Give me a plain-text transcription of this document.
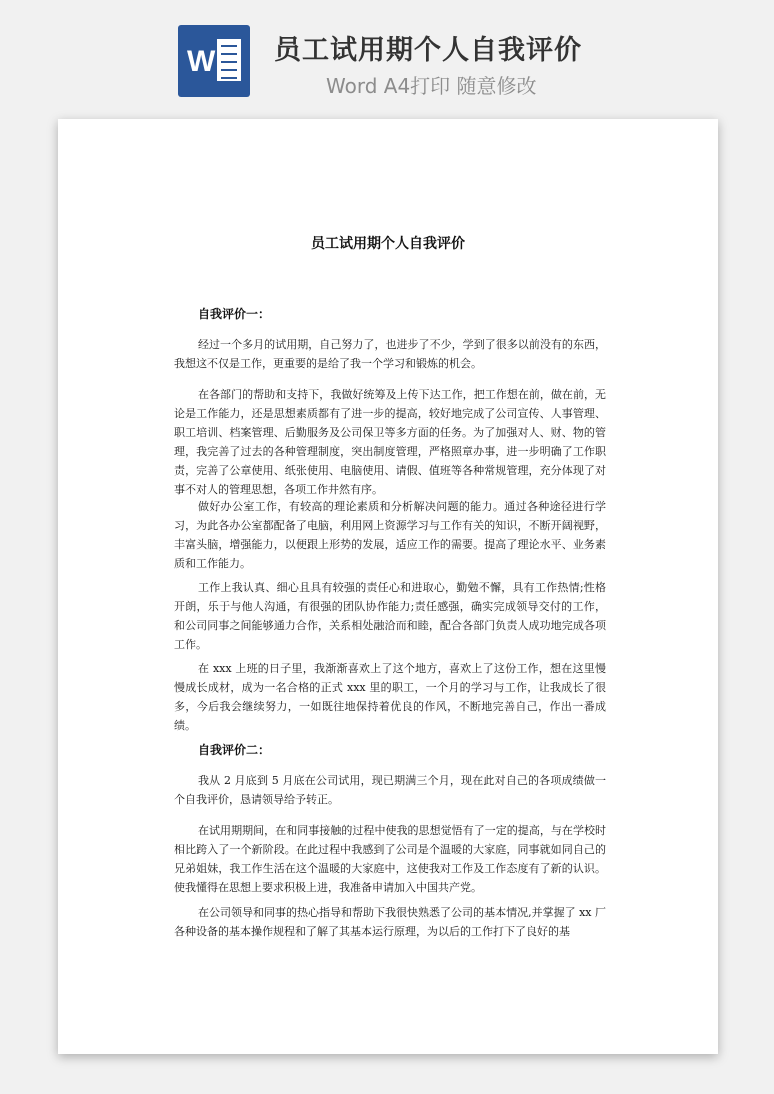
W 员工试用期个人自我评价
Word A4打印 随意修改
员工试用期个人自我评价
自我评价一：

经过一个多月的试用期，自己努力了，也进步了不少，学到了很多以前没有的东西，我想这不仅是工作，更重要的是给了我一个学习和锻炼的机会。

在各部门的帮助和支持下，我做好统筹及上传下达工作，把工作想在前，做在前，无论是工作能力，还是思想素质都有了进一步的提高，较好地完成了公司宣传、人事管理、职工培训、档案管理、后勤服务及公司保卫等多方面的任务。为了加强对人、财、物的管理，我完善了过去的各种管理制度，突出制度管理，严格照章办事，进一步明确了工作职责，完善了公章使用、纸张使用、电脑使用、请假、值班等各种常规管理，充分体现了对事不对人的管理思想，各项工作井然有序。

做好办公室工作，有较高的理论素质和分析解决问题的能力。通过各种途径进行学习，为此各办公室都配备了电脑，利用网上资源学习与工作有关的知识，不断开阔视野，丰富头脑，增强能力，以便跟上形势的发展，适应工作的需要。提高了理论水平、业务素质和工作能力。

工作上我认真、细心且具有较强的责任心和进取心，勤勉不懈，具有工作热情;性格开朗，乐于与他人沟通，有很强的团队协作能力;责任感强，确实完成领导交付的工作，和公司同事之间能够通力合作，关系相处融洽而和睦，配合各部门负责人成功地完成各项工作。

在 xxx 上班的日子里，我渐渐喜欢上了这个地方，喜欢上了这份工作，想在这里慢慢成长成材，成为一名合格的正式 xxx 里的职工，一个月的学习与工作，让我成长了很多，今后我会继续努力，一如既往地保持着优良的作风，不断地完善自己，作出一番成绩。

自我评价二：

我从 2 月底到 5 月底在公司试用，现已期满三个月，现在此对自己的各项成绩做一个自我评价，恳请领导给予转正。

在试用期期间，在和同事接触的过程中使我的思想觉悟有了一定的提高，与在学校时相比跨入了一个新阶段。在此过程中我感到了公司是个温暖的大家庭，同事就如同自己的兄弟姐妹，我工作生活在这个温暖的大家庭中，这使我对工作及工作态度有了新的认识。使我懂得在思想上要求积极上进，我准备申请加入中国共产党。

在公司领导和同事的热心指导和帮助下我很快熟悉了公司的基本情况,并掌握了 xx 厂各种设备的基本操作规程和了解了其基本运行原理，为以后的工作打下了良好的基
